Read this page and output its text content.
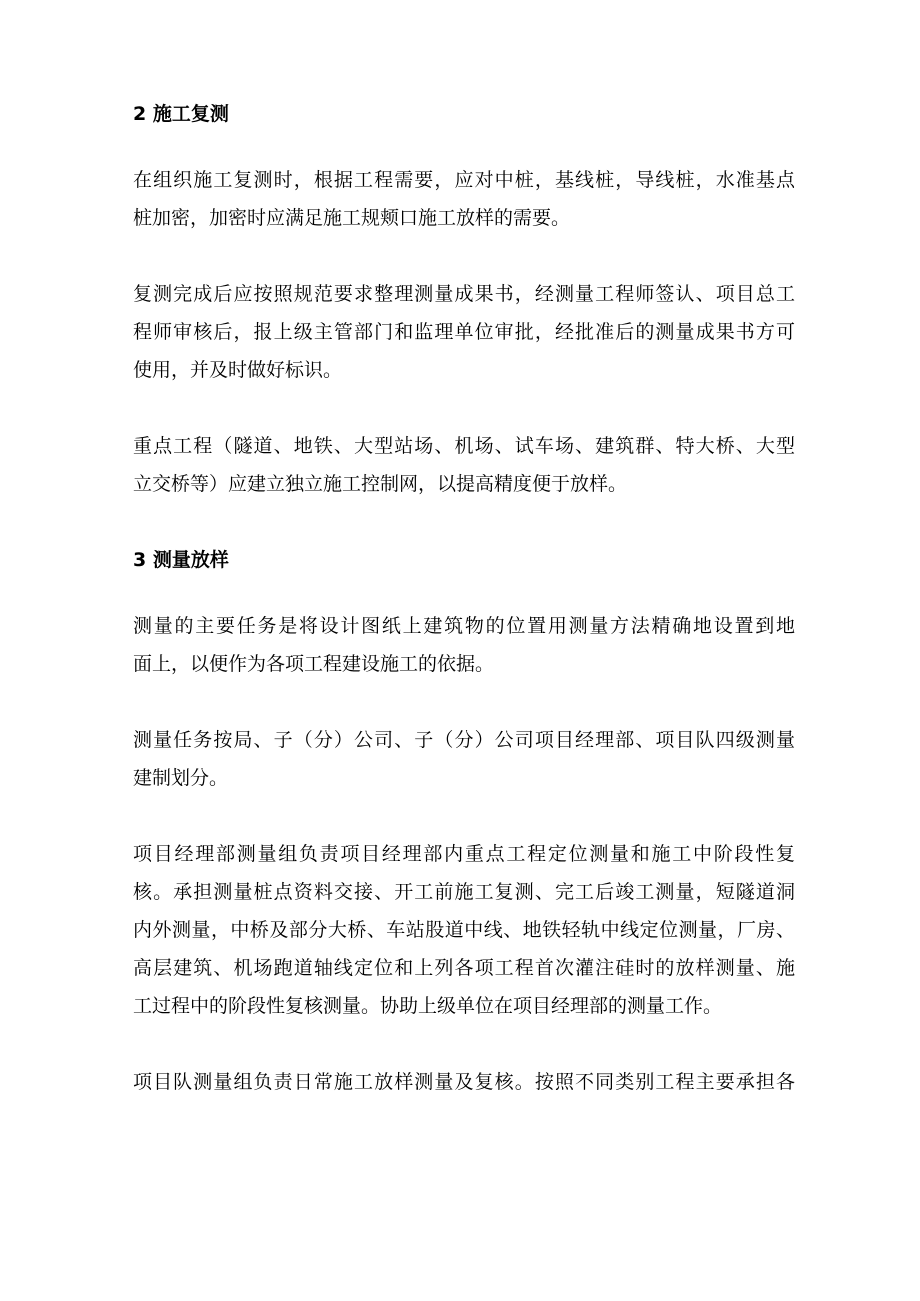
2 施工复测
在组织施工复测时，根据工程需要，应对中桩，基线桩，导线桩，水准基点
桩加密，加密时应满足施工规颊口施工放样的需要。
复测完成后应按照规范要求整理测量成果书，经测量工程师签认、项目总工
程师审核后，报上级主管部门和监理单位审批，经批准后的测量成果书方可
使用，并及时做好标识。
重点工程（隧道、地铁、大型站场、机场、试车场、建筑群、特大桥、大型
立交桥等）应建立独立施工控制网，以提高精度便于放样。
3 测量放样
测量的主要任务是将设计图纸上建筑物的位置用测量方法精确地设置到地
面上，以便作为各项工程建设施工的依据。
测量任务按局、子（分）公司、子（分）公司项目经理部、项目队四级测量
建制划分。
项目经理部测量组负责项目经理部内重点工程定位测量和施工中阶段性复
核。承担测量桩点资料交接、开工前施工复测、完工后竣工测量，短隧道洞
内外测量，中桥及部分大桥、车站股道中线、地铁轻轨中线定位测量，厂房、
高层建筑、机场跑道轴线定位和上列各项工程首次灌注硅时的放样测量、施
工过程中的阶段性复核测量。协助上级单位在项目经理部的测量工作。
项目队测量组负责日常施工放样测量及复核。按照不同类别工程主要承担各
